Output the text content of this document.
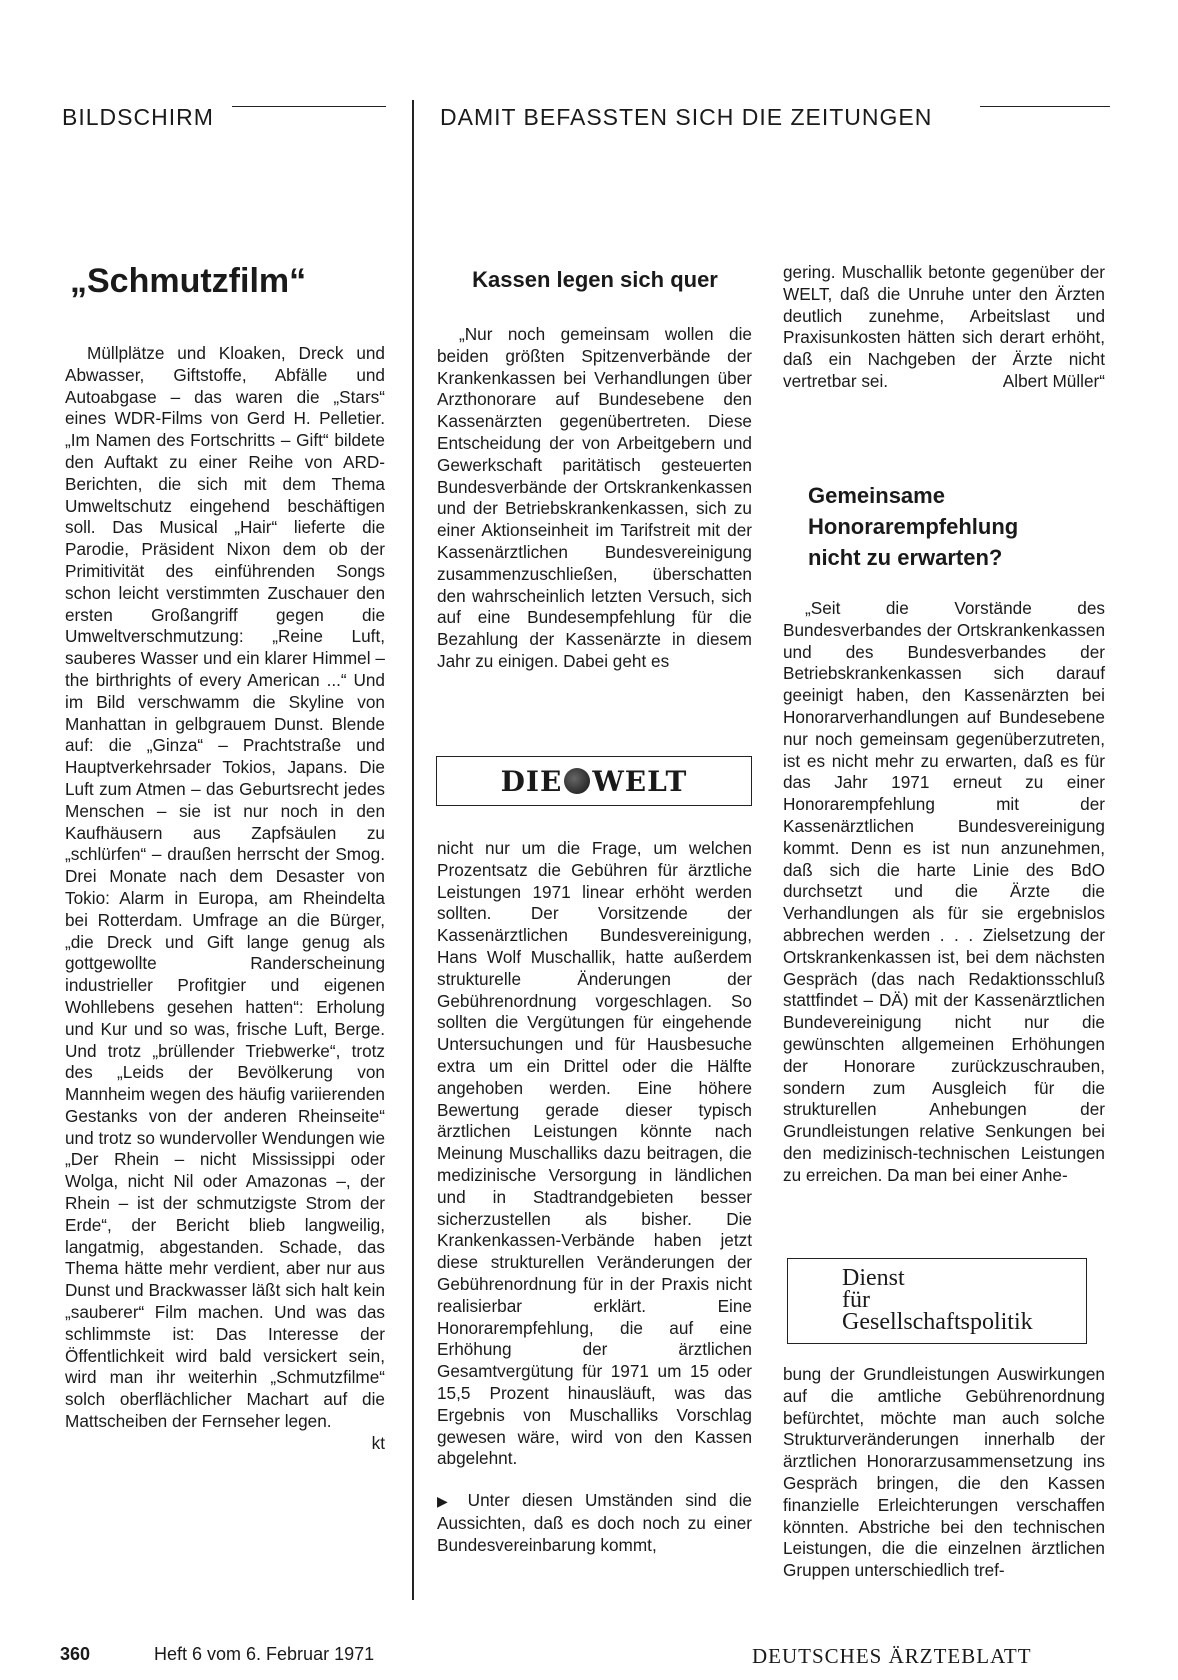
BILDSCHIRM	DAMIT BEFASSTEN SICH DIE ZEITUNGEN
„Schmutzfilm“

Müllplätze und Kloaken, Dreck und Abwasser, Giftstoffe, Abfälle und Autoabgase – das waren die „Stars“ eines WDR-Films von Gerd H. Pelletier. „Im Namen des Fortschritts – Gift“ bildete den Auftakt zu einer Reihe von ARD-Berichten, die sich mit dem Thema Umweltschutz eingehend beschäftigen soll. Das Musical „Hair“ lieferte die Parodie, Präsident Nixon dem ob der Primitivität des einführenden Songs schon leicht verstimmten Zuschauer den ersten Großangriff gegen die Umweltverschmutzung: „Reine Luft, sauberes Wasser und ein klarer Himmel – the birthrights of every American ...“ Und im Bild verschwamm die Skyline von Manhattan in gelbgrauem Dunst. Blende auf: die „Ginza“ – Prachtstraße und Hauptverkehrsader Tokios, Japans. Die Luft zum Atmen – das Geburtsrecht jedes Menschen – sie ist nur noch in den Kaufhäusern aus Zapfsäulen zu „schlürfen“ – draußen herrscht der Smog. Drei Monate nach dem Desaster von Tokio: Alarm in Europa, am Rheindelta bei Rotterdam. Umfrage an die Bürger, „die Dreck und Gift lange genug als gottgewollte Randerscheinung industrieller Profitgier und eigenen Wohllebens gesehen hatten“: Erholung und Kur und so was, frische Luft, Berge. Und trotz „brüllender Triebwerke“, trotz des „Leids der Bevölkerung von Mannheim wegen des häufig variierenden Gestanks von der anderen Rheinseite“ und trotz so wundervoller Wendungen wie „Der Rhein – nicht Mississippi oder Wolga, nicht Nil oder Amazonas –, der Rhein – ist der schmutzigste Strom der Erde“, der Bericht blieb langweilig, langatmig, abgestanden. Schade, das Thema hätte mehr verdient, aber nur aus Dunst und Brackwasser läßt sich halt kein „sauberer“ Film machen. Und was das schlimmste ist: Das Interesse der Öffentlichkeit wird bald versickert sein, wird man ihr weiterhin „Schmutzfilme“ solch oberflächlicher Machart auf die Mattscheiben der Fernseher legen.

kt
Kassen legen sich quer

„Nur noch gemeinsam wollen die beiden größten Spitzenverbände der Krankenkassen bei Verhandlungen über Arzthonorare auf Bundesebene den Kassenärzten gegenübertreten. Diese Entscheidung der von Arbeitgebern und Gewerkschaft paritätisch gesteuerten Bundesverbände der Ortskrankenkassen und der Betriebskrankenkassen, sich zu einer Aktionseinheit im Tarifstreit mit der Kassenärztlichen Bundesvereinigung zusammenzuschließen, überschatten den wahrscheinlich letzten Versuch, sich auf eine Bundesempfehlung für die Bezahlung der Kassenärzte in diesem Jahr zu einigen. Dabei geht es

DIE WELT

nicht nur um die Frage, um welchen Prozentsatz die Gebühren für ärztliche Leistungen 1971 linear erhöht werden sollten. Der Vorsitzende der Kassenärztlichen Bundesvereinigung, Hans Wolf Muschallik, hatte außerdem strukturelle Änderungen der Gebührenordnung vorgeschlagen. So sollten die Vergütungen für eingehende Untersuchungen und für Hausbesuche extra um ein Drittel oder die Hälfte angehoben werden. Eine höhere Bewertung gerade dieser typisch ärztlichen Leistungen könnte nach Meinung Muschalliks dazu beitragen, die medizinische Versorgung in ländlichen und in Stadtrandgebieten besser sicherzustellen als bisher. Die Krankenkassen-Verbände haben jetzt diese strukturellen Veränderungen der Gebührenordnung für in der Praxis nicht realisierbar erklärt. Eine Honorarempfehlung, die auf eine Erhöhung der ärztlichen Gesamtvergütung für 1971 um 15 oder 15,5 Prozent hinausläuft, was das Ergebnis von Muschalliks Vorschlag gewesen wäre, wird von den Kassen abgelehnt.

▶ Unter diesen Umständen sind die Aussichten, daß es doch noch zu einer Bundesvereinbarung kommt,

gering. Muschallik betonte gegenüber der WELT, daß die Unruhe unter den Ärzten deutlich zunehme, Arbeitslast und Praxisunkosten hätten sich derart erhöht, daß ein Nachgeben der Ärzte nicht vertretbar sei.	Albert Müller“
Gemeinsame
Honorarempfehlung
nicht zu erwarten?

„Seit die Vorstände des Bundesverbandes der Ortskrankenkassen und des Bundesverbandes der Betriebskrankenkassen sich darauf geeinigt haben, den Kassenärzten bei Honorarverhandlungen auf Bundesebene nur noch gemeinsam gegenüberzutreten, ist es nicht mehr zu erwarten, daß es für das Jahr 1971 erneut zu einer Honorarempfehlung mit der Kassenärztlichen Bundesvereinigung kommt. Denn es ist nun anzunehmen, daß sich die harte Linie des BdO durchsetzt und die Ärzte die Verhandlungen als für sie ergebnislos abbrechen werden . . . Zielsetzung der Ortskrankenkassen ist, bei dem nächsten Gespräch (das nach Redaktionsschluß stattfindet – DÄ) mit der Kassenärztlichen Bundevereinigung nicht nur die gewünschten allgemeinen Erhöhungen der Honorare zurückzuschrauben, sondern zum Ausgleich für die strukturellen Anhebungen der Grundleistungen relative Senkungen bei den medizinisch-technischen Leistungen zu erreichen. Da man bei einer Anhe-

Dienst
für
Gesellschaftspolitik

bung der Grundleistungen Auswirkungen auf die amtliche Gebührenordnung befürchtet, möchte man auch solche Strukturveränderungen innerhalb der ärztlichen Honorarzusammensetzung ins Gespräch bringen, die den Kassen finanzielle Erleichterungen verschaffen könnten. Abstriche bei den technischen Leistungen, die die einzelnen ärztlichen Gruppen unterschiedlich tref-

360	Heft 6 vom 6. Februar 1971	DEUTSCHES ÄRZTEBLATT
